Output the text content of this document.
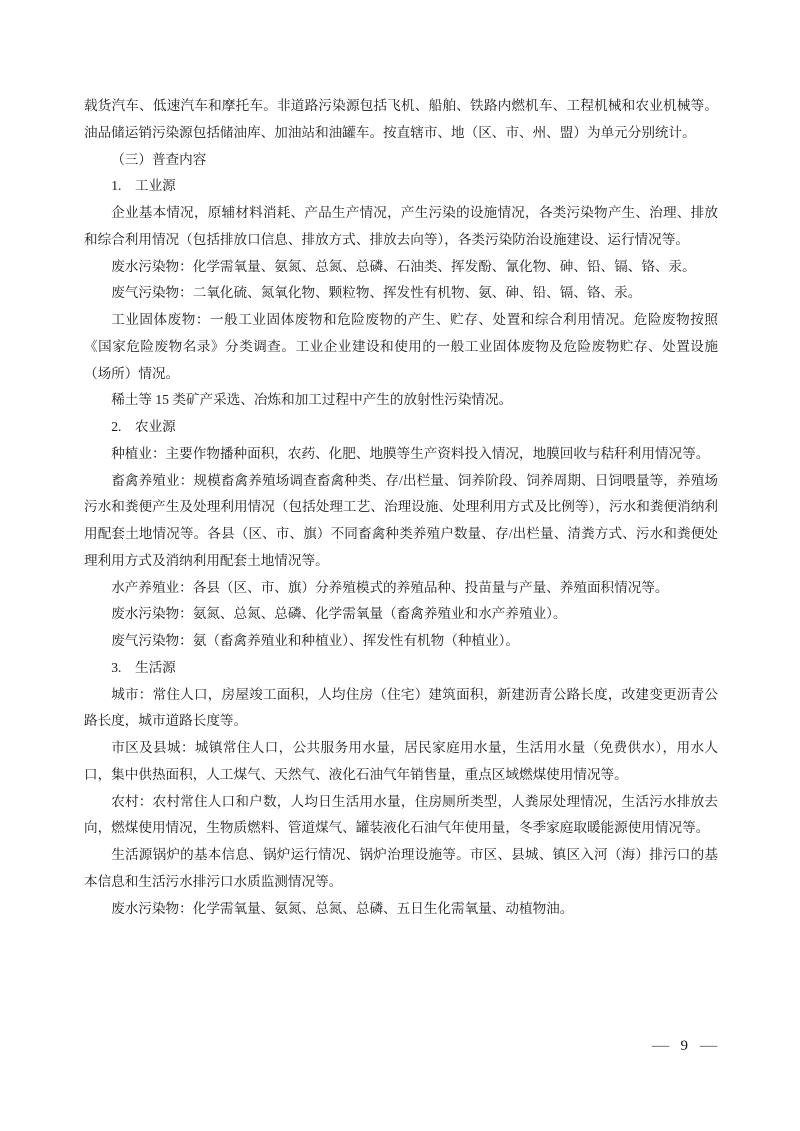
载货汽车、低速汽车和摩托车。非道路污染源包括飞机、船舶、铁路内燃机车、工程机械和农业机械等。油品储运销污染源包括储油库、加油站和油罐车。按直辖市、地（区、市、州、盟）为单元分别统计。

（三）普查内容

1.　工业源

企业基本情况，原辅材料消耗、产品生产情况，产生污染的设施情况，各类污染物产生、治理、排放和综合利用情况（包括排放口信息、排放方式、排放去向等），各类污染防治设施建设、运行情况等。

废水污染物：化学需氧量、氨氮、总氮、总磷、石油类、挥发酚、氰化物、砷、铅、镉、铬、汞。

废气污染物：二氧化硫、氮氧化物、颗粒物、挥发性有机物、氨、砷、铅、镉、铬、汞。

工业固体废物：一般工业固体废物和危险废物的产生、贮存、处置和综合利用情况。危险废物按照《国家危险废物名录》分类调查。工业企业建设和使用的一般工业固体废物及危险废物贮存、处置设施（场所）情况。

稀土等 15 类矿产采选、冶炼和加工过程中产生的放射性污染情况。

2.　农业源

种植业：主要作物播种面积，农药、化肥、地膜等生产资料投入情况，地膜回收与秸秆利用情况等。

畜禽养殖业：规模畜禽养殖场调查畜禽种类、存/出栏量、饲养阶段、饲养周期、日饲喂量等，养殖场污水和粪便产生及处理利用情况（包括处理工艺、治理设施、处理利用方式及比例等），污水和粪便消纳利用配套土地情况等。各县（区、市、旗）不同畜禽种类养殖户数量、存/出栏量、清粪方式、污水和粪便处理利用方式及消纳利用配套土地情况等。

水产养殖业：各县（区、市、旗）分养殖模式的养殖品种、投苗量与产量、养殖面积情况等。

废水污染物：氨氮、总氮、总磷、化学需氧量（畜禽养殖业和水产养殖业）。

废气污染物：氨（畜禽养殖业和种植业）、挥发性有机物（种植业）。

3.　生活源

城市：常住人口，房屋竣工面积，人均住房（住宅）建筑面积，新建沥青公路长度，改建变更沥青公路长度，城市道路长度等。

市区及县城：城镇常住人口，公共服务用水量，居民家庭用水量，生活用水量（免费供水），用水人口，集中供热面积，人工煤气、天然气、液化石油气年销售量，重点区域燃煤使用情况等。

农村：农村常住人口和户数，人均日生活用水量，住房厕所类型，人粪尿处理情况，生活污水排放去向，燃煤使用情况，生物质燃料、管道煤气、罐装液化石油气年使用量，冬季家庭取暖能源使用情况等。

生活源锅炉的基本信息、锅炉运行情况、锅炉治理设施等。市区、县城、镇区入河（海）排污口的基本信息和生活污水排污口水质监测情况等。

废水污染物：化学需氧量、氨氮、总氮、总磷、五日生化需氧量、动植物油。

— 9 —
